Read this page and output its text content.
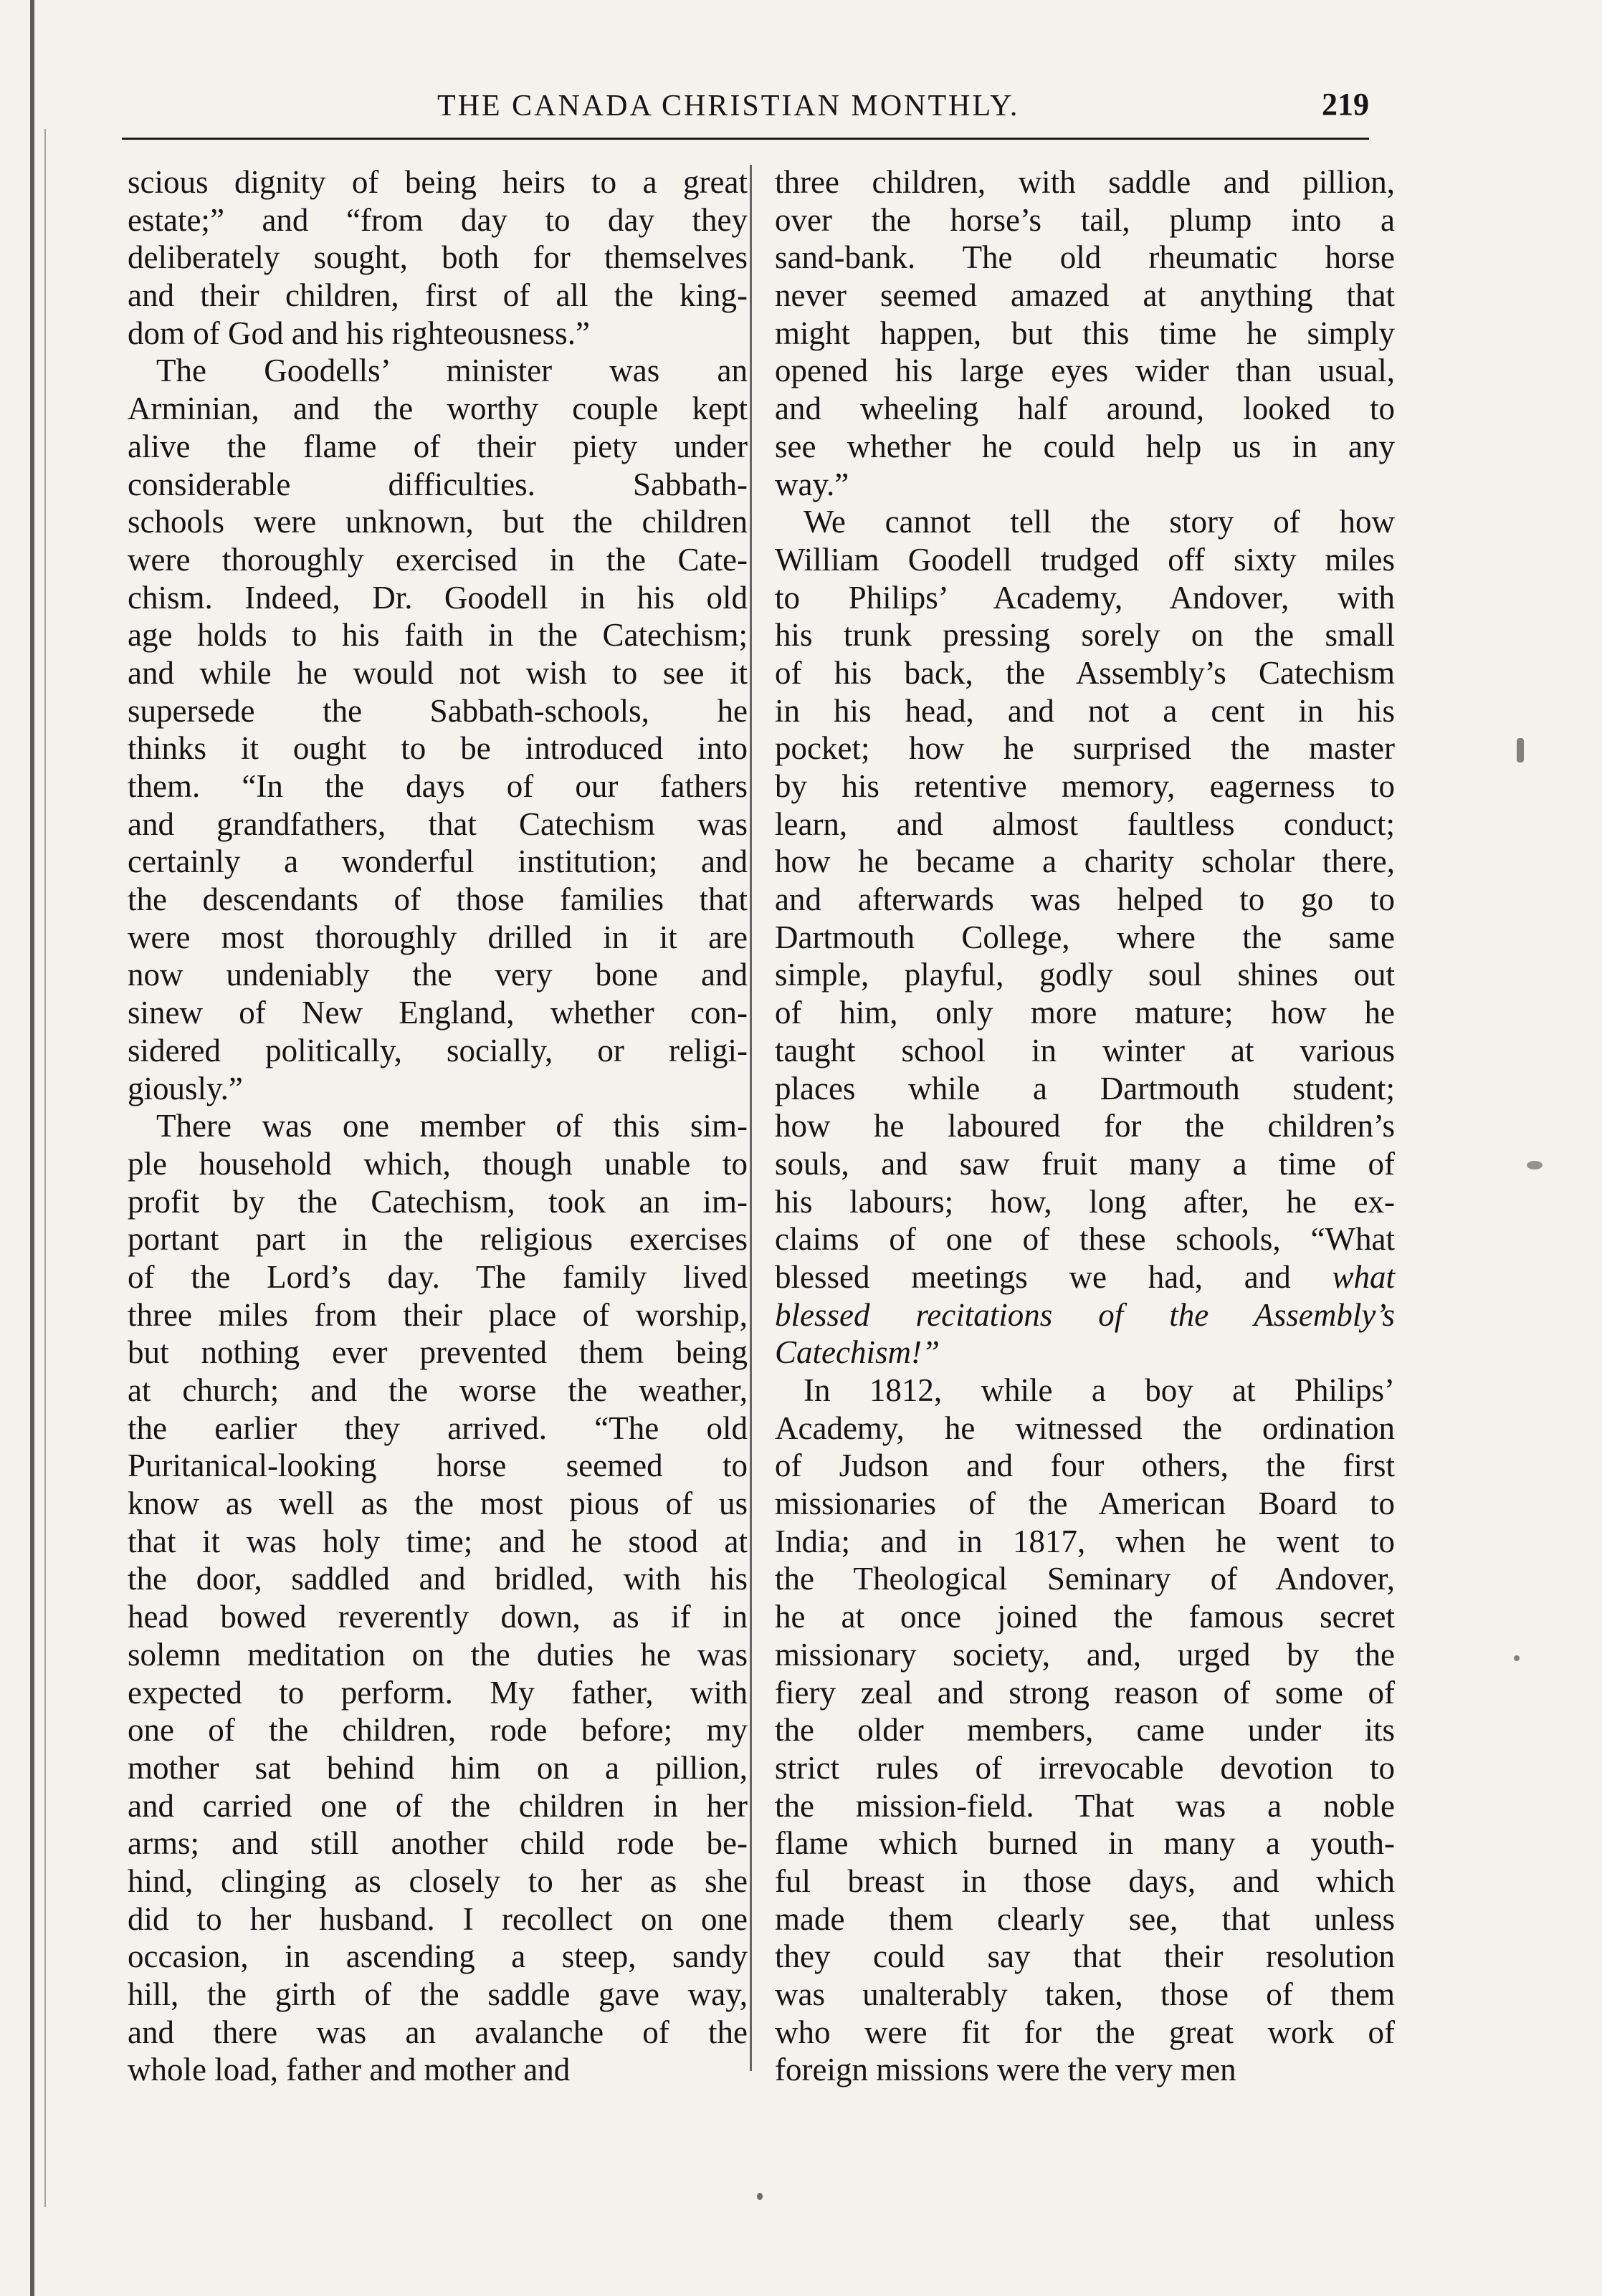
THE CANADA CHRISTIAN MONTHLY.	219
scious dignity of being heirs to a great
estate;” and “from day to day they
deliberately sought, both for themselves
and their children, first of all the king-
dom of God and his righteousness.”
The Goodells’ minister was an
Arminian, and the worthy couple kept
alive the flame of their piety under
considerable difficulties. Sabbath-
schools were unknown, but the children
were thoroughly exercised in the Cate-
chism. Indeed, Dr. Goodell in his old
age holds to his faith in the Catechism;
and while he would not wish to see it
supersede the Sabbath-schools, he
thinks it ought to be introduced into
them. “In the days of our fathers
and grandfathers, that Catechism was
certainly a wonderful institution; and
the descendants of those families that
were most thoroughly drilled in it are
now undeniably the very bone and
sinew of New England, whether con-
sidered politically, socially, or religi-
giously.”
There was one member of this sim-
ple household which, though unable to
profit by the Catechism, took an im-
portant part in the religious exercises
of the Lord’s day. The family lived
three miles from their place of worship,
but nothing ever prevented them being
at church; and the worse the weather,
the earlier they arrived. “The old
Puritanical-looking horse seemed to
know as well as the most pious of us
that it was holy time; and he stood at
the door, saddled and bridled, with his
head bowed reverently down, as if in
solemn meditation on the duties he was
expected to perform. My father, with
one of the children, rode before; my
mother sat behind him on a pillion,
and carried one of the children in her
arms; and still another child rode be-
hind, clinging as closely to her as she
did to her husband. I recollect on one
occasion, in ascending a steep, sandy
hill, the girth of the saddle gave way,
and there was an avalanche of the
whole load, father and mother and
three children, with saddle and pillion,
over the horse’s tail, plump into a
sand-bank. The old rheumatic horse
never seemed amazed at anything that
might happen, but this time he simply
opened his large eyes wider than usual,
and wheeling half around, looked to
see whether he could help us in any
way.”
We cannot tell the story of how
William Goodell trudged off sixty miles
to Philips’ Academy, Andover, with
his trunk pressing sorely on the small
of his back, the Assembly’s Catechism
in his head, and not a cent in his
pocket; how he surprised the master
by his retentive memory, eagerness to
learn, and almost faultless conduct;
how he became a charity scholar there,
and afterwards was helped to go to
Dartmouth College, where the same
simple, playful, godly soul shines out
of him, only more mature; how he
taught school in winter at various
places while a Dartmouth student;
how he laboured for the children’s
souls, and saw fruit many a time of
his labours; how, long after, he ex-
claims of one of these schools, “What
blessed meetings we had, and what
blessed recitations of the Assembly’s
Catechism!”
In 1812, while a boy at Philips’
Academy, he witnessed the ordination
of Judson and four others, the first
missionaries of the American Board to
India; and in 1817, when he went to
the Theological Seminary of Andover,
he at once joined the famous secret
missionary society, and, urged by the
fiery zeal and strong reason of some of
the older members, came under its
strict rules of irrevocable devotion to
the mission-field. That was a noble
flame which burned in many a youth-
ful breast in those days, and which
made them clearly see, that unless
they could say that their resolution
was unalterably taken, those of them
who were fit for the great work of
foreign missions were the very men
